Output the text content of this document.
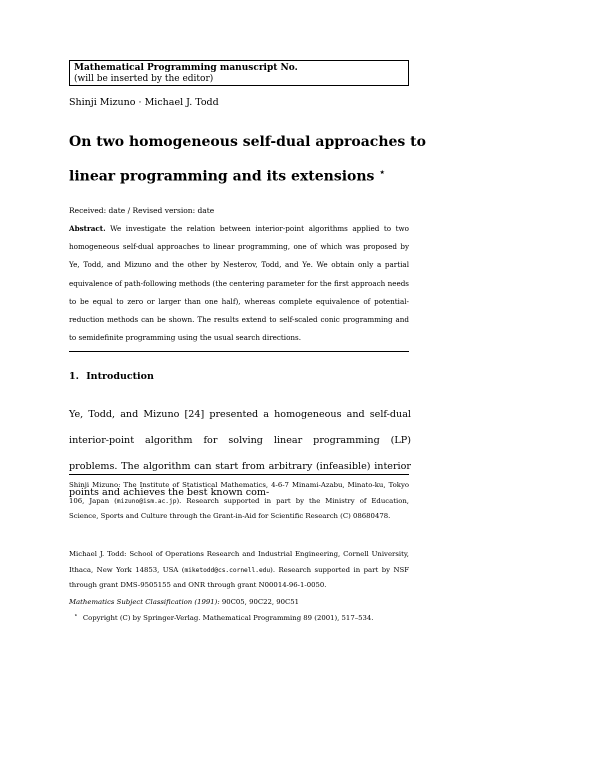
Mathematical Programming manuscript No.
(will be inserted by the editor)
Shinji Mizuno · Michael J. Todd
On two homogeneous self-dual approaches to
linear programming and its extensions ⋆
Received: date / Revised version: date
Abstract. We investigate the relation between interior-point algorithms applied to two homogeneous self-dual approaches to linear programming, one of which was proposed by Ye, Todd, and Mizuno and the other by Nesterov, Todd, and Ye. We obtain only a partial equivalence of path-following methods (the centering parameter for the first approach needs to be equal to zero or larger than one half), whereas complete equivalence of potential-reduction methods can be shown. The results extend to self-scaled conic programming and to semidefinite programming using the usual search directions.
1. Introduction
Ye, Todd, and Mizuno [24] presented a homogeneous and self-dual interior-point algorithm for solving linear programming (LP) problems. The algorithm can start from arbitrary (infeasible) interior points and achieves the best known com-
Shinji Mizuno: The Institute of Statistical Mathematics, 4-6-7 Minami-Azabu, Minato-ku, Tokyo 106, Japan (mizuno@ism.ac.jp). Research supported in part by the Ministry of Education, Science, Sports and Culture through the Grant-in-Aid for Scientific Research (C) 08680478.
Michael J. Todd: School of Operations Research and Industrial Engineering, Cornell University, Ithaca, New York 14853, USA (miketodd@cs.cornell.edu). Research supported in part by NSF through grant DMS-9505155 and ONR through grant N00014-96-1-0050.
Mathematics Subject Classification (1991): 90C05, 90C22, 90C51
⋆ Copyright (C) by Springer-Verlag. Mathematical Programming 89 (2001), 517–534.
